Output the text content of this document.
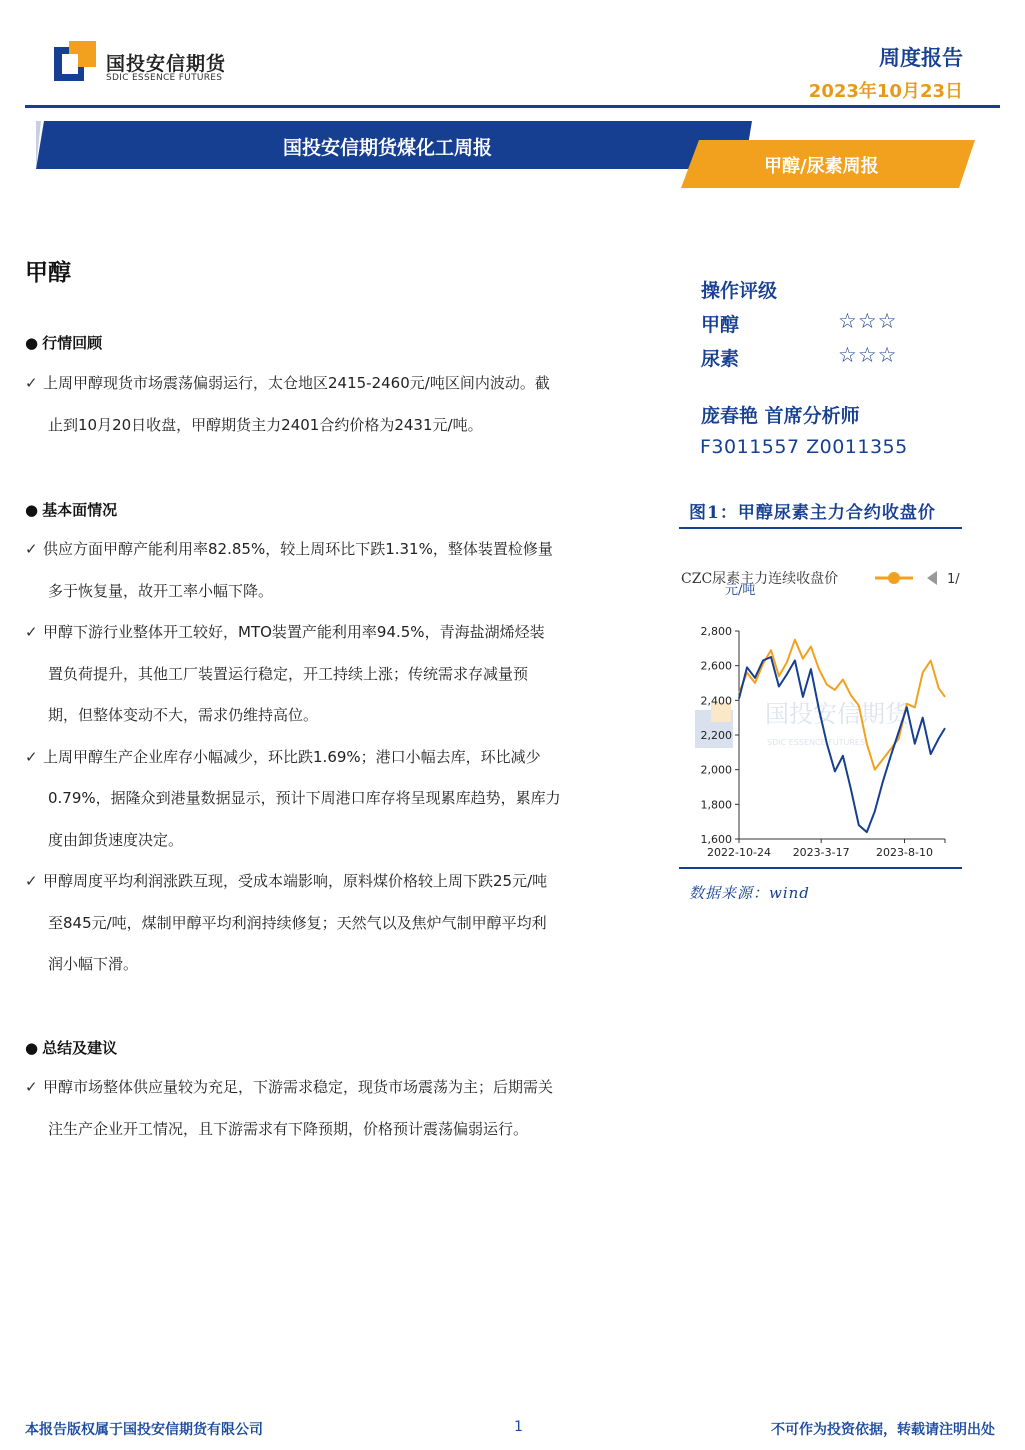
国投安信期货
SDIC ESSENCE FUTURES
周度报告
2023年10月23日
国投安信期货煤化工周报
甲醇/尿素周报
甲醇
● 行情回顾
✓ 上周甲醇现货市场震荡偏弱运行，太仓地区2415-2460元/吨区间内波动。截
止到10月20日收盘，甲醇期货主力2401合约价格为2431元/吨。
● 基本面情况
✓ 供应方面甲醇产能利用率82.85%，较上周环比下跌1.31%，整体装置检修量
多于恢复量，故开工率小幅下降。
✓ 甲醇下游行业整体开工较好，MTO装置产能利用率94.5%，青海盐湖烯烃装
置负荷提升，其他工厂装置运行稳定，开工持续上涨；传统需求存减量预
期，但整体变动不大，需求仍维持高位。
✓ 上周甲醇生产企业库存小幅减少，环比跌1.69%；港口小幅去库，环比减少
0.79%，据隆众到港量数据显示，预计下周港口库存将呈现累库趋势，累库力
度由卸货速度决定。
✓ 甲醇周度平均利润涨跌互现，受成本端影响，原料煤价格较上周下跌25元/吨
至845元/吨，煤制甲醇平均利润持续修复；天然气以及焦炉气制甲醇平均利
润小幅下滑。
● 总结及建议
✓ 甲醇市场整体供应量较为充足，下游需求稳定，现货市场震荡为主；后期需关
注生产企业开工情况，且下游需求有下降预期，价格预计震荡偏弱运行。
操作评级
甲醇	☆☆☆
尿素	☆☆☆
庞春艳 首席分析师
F3011557 Z0011355
图1：甲醇尿素主力合约收盘价
国投安信期货
SDIC ESSENCE FUTURES
CZC尿素主力连续收盘价	1/
元/吨
2,800
2,600
2,400
2,200
2,000
1,800
1,600
2022-10-24 2023-3-17 2023-8-10
数据来源：wind
本报告版权属于国投安信期货有限公司	1	不可作为投资依据，转载请注明出处
